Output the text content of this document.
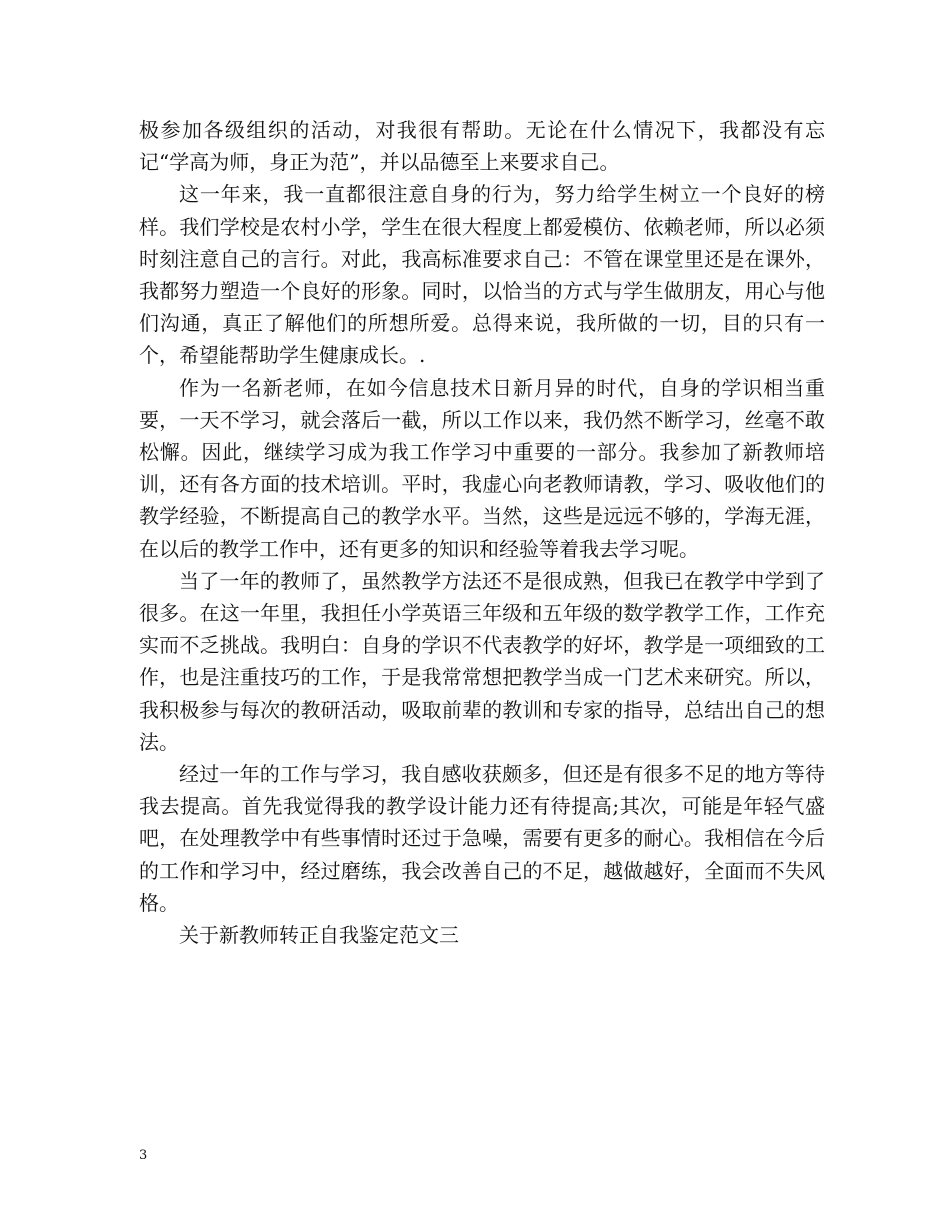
极参加各级组织的活动，对我很有帮助。无论在什么情况下，我都没有忘记“学高为师，身正为范”，并以品德至上来要求自己。

这一年来，我一直都很注意自身的行为，努力给学生树立一个良好的榜样。我们学校是农村小学，学生在很大程度上都爱模仿、依赖老师，所以必须时刻注意自己的言行。对此，我高标准要求自己：不管在课堂里还是在课外，我都努力塑造一个良好的形象。同时，以恰当的方式与学生做朋友，用心与他们沟通，真正了解他们的所想所爱。总得来说，我所做的一切，目的只有一个，希望能帮助学生健康成长。.

作为一名新老师，在如今信息技术日新月异的时代，自身的学识相当重要，一天不学习，就会落后一截，所以工作以来，我仍然不断学习，丝毫不敢松懈。因此，继续学习成为我工作学习中重要的一部分。我参加了新教师培训，还有各方面的技术培训。平时，我虚心向老教师请教，学习、吸收他们的教学经验，不断提高自己的教学水平。当然，这些是远远不够的，学海无涯，在以后的教学工作中，还有更多的知识和经验等着我去学习呢。

当了一年的教师了，虽然教学方法还不是很成熟，但我已在教学中学到了很多。在这一年里，我担任小学英语三年级和五年级的数学教学工作，工作充实而不乏挑战。我明白：自身的学识不代表教学的好坏，教学是一项细致的工作，也是注重技巧的工作，于是我常常想把教学当成一门艺术来研究。所以，我积极参与每次的教研活动，吸取前辈的教训和专家的指导，总结出自己的想法。

经过一年的工作与学习，我自感收获颇多，但还是有很多不足的地方等待我去提高。首先我觉得我的教学设计能力还有待提高;其次，可能是年轻气盛吧，在处理教学中有些事情时还过于急噪，需要有更多的耐心。我相信在今后的工作和学习中，经过磨练，我会改善自己的不足，越做越好，全面而不失风格。

关于新教师转正自我鉴定范文三

3
